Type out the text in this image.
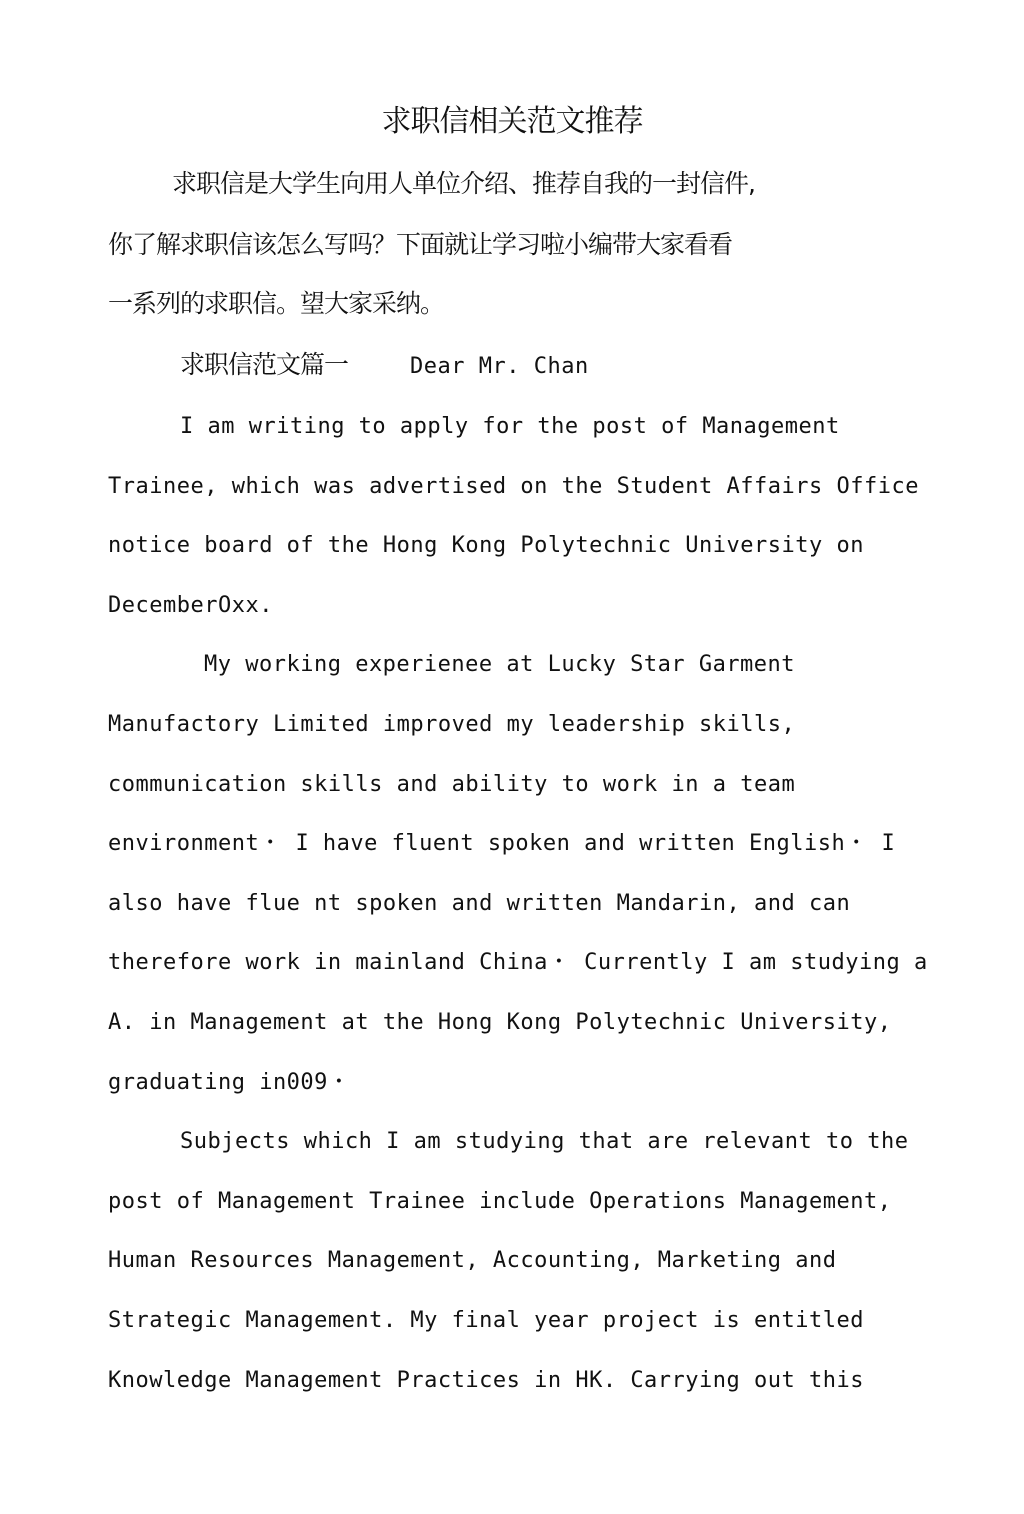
求职信相关范文推荐
求职信是大学生向用人单位介绍、推荐自我的一封信件,
你了解求职信该怎么写吗？下面就让学习啦小编带大家看看
一系列的求职信。望大家采纳。
求职信范文篇一	Dear Mr. Chan
I am writing to apply for the post of Management
Trainee, which was advertised on the Student Affairs Office
notice board of the Hong Kong Polytechnic University on
DecemberOxx.
My working experienee at Lucky Star Garment
Manufactory Limited improved my leadership skills,
communication skills and ability to work in a team
environment・ I have fluent spoken and written English・ I
also have flue nt spoken and written Mandarin, and can
therefore work in mainland China・ Currently I am studying a
A. in Management at the Hong Kong Polytechnic University,
graduating in009・
Subjects which I am studying that are relevant to the
post of Management Trainee include Operations Management,
Human Resources Management, Accounting, Marketing and
Strategic Management. My final year project is entitled
Knowledge Management Practices in HK. Carrying out this
